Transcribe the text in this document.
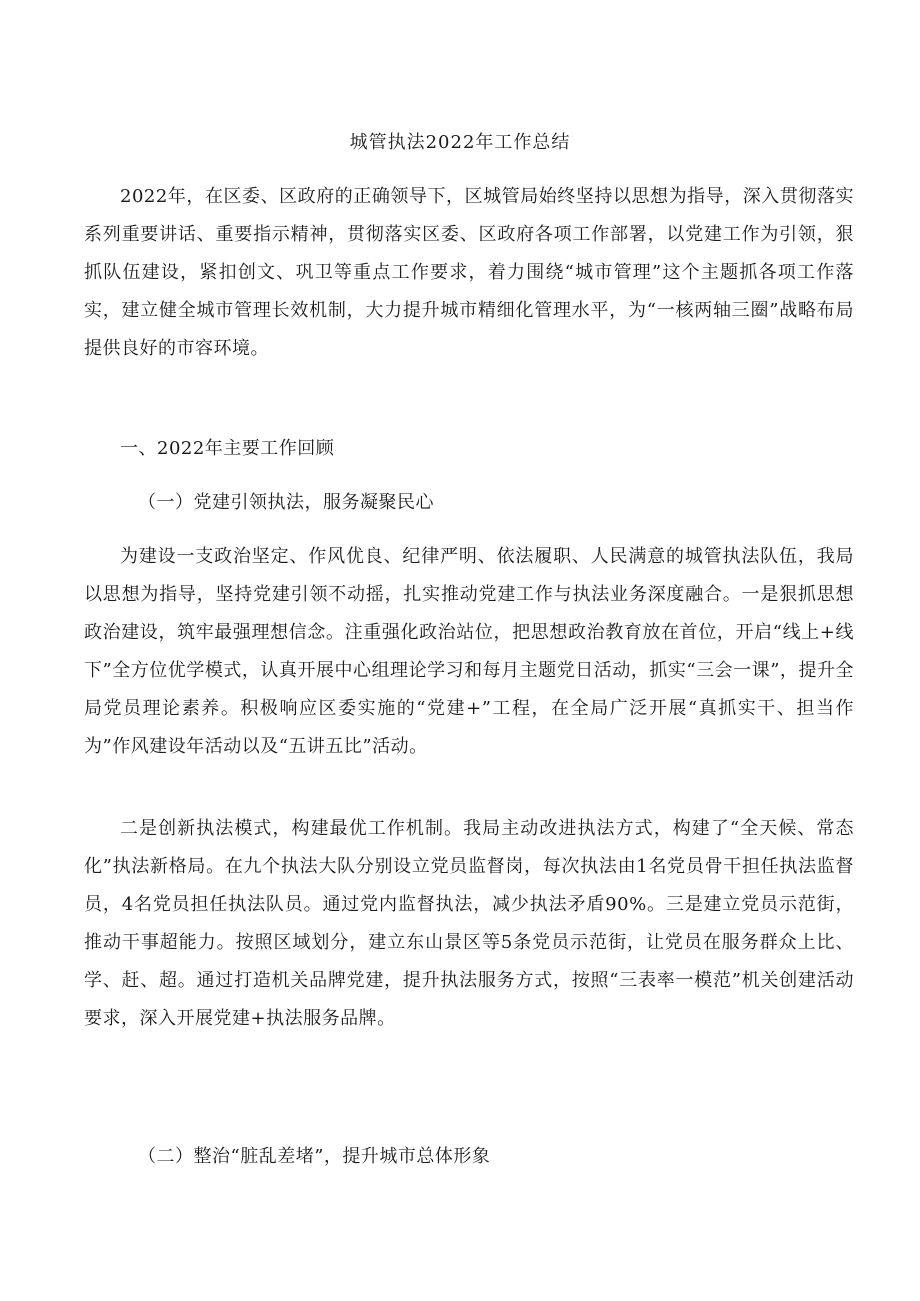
城管执法2022年工作总结

2022年，在区委、区政府的正确领导下，区城管局始终坚持以思想为指导，深入贯彻落实系列重要讲话、重要指示精神，贯彻落实区委、区政府各项工作部署，以党建工作为引领，狠抓队伍建设，紧扣创文、巩卫等重点工作要求，着力围绕“城市管理”这个主题抓各项工作落实，建立健全城市管理长效机制，大力提升城市精细化管理水平，为“一核两轴三圈”战略布局提供良好的市容环境。

一、2022年主要工作回顾

（一）党建引领执法，服务凝聚民心

为建设一支政治坚定、作风优良、纪律严明、依法履职、人民满意的城管执法队伍，我局以思想为指导，坚持党建引领不动摇，扎实推动党建工作与执法业务深度融合。一是狠抓思想政治建设，筑牢最强理想信念。注重强化政治站位，把思想政治教育放在首位，开启“线上+线下”全方位优学模式，认真开展中心组理论学习和每月主题党日活动，抓实“三会一课”，提升全局党员理论素养。积极响应区委实施的“党建+”工程，在全局广泛开展“真抓实干、担当作为”作风建设年活动以及“五讲五比”活动。

二是创新执法模式，构建最优工作机制。我局主动改进执法方式，构建了“全天候、常态化”执法新格局。在九个执法大队分别设立党员监督岗，每次执法由1名党员骨干担任执法监督员，4名党员担任执法队员。通过党内监督执法，减少执法矛盾90%。三是建立党员示范街，推动干事超能力。按照区域划分，建立东山景区等5条党员示范街，让党员在服务群众上比、学、赶、超。通过打造机关品牌党建，提升执法服务方式，按照“三表率一模范”机关创建活动要求，深入开展党建+执法服务品牌。

（二）整治“脏乱差堵”，提升城市总体形象
